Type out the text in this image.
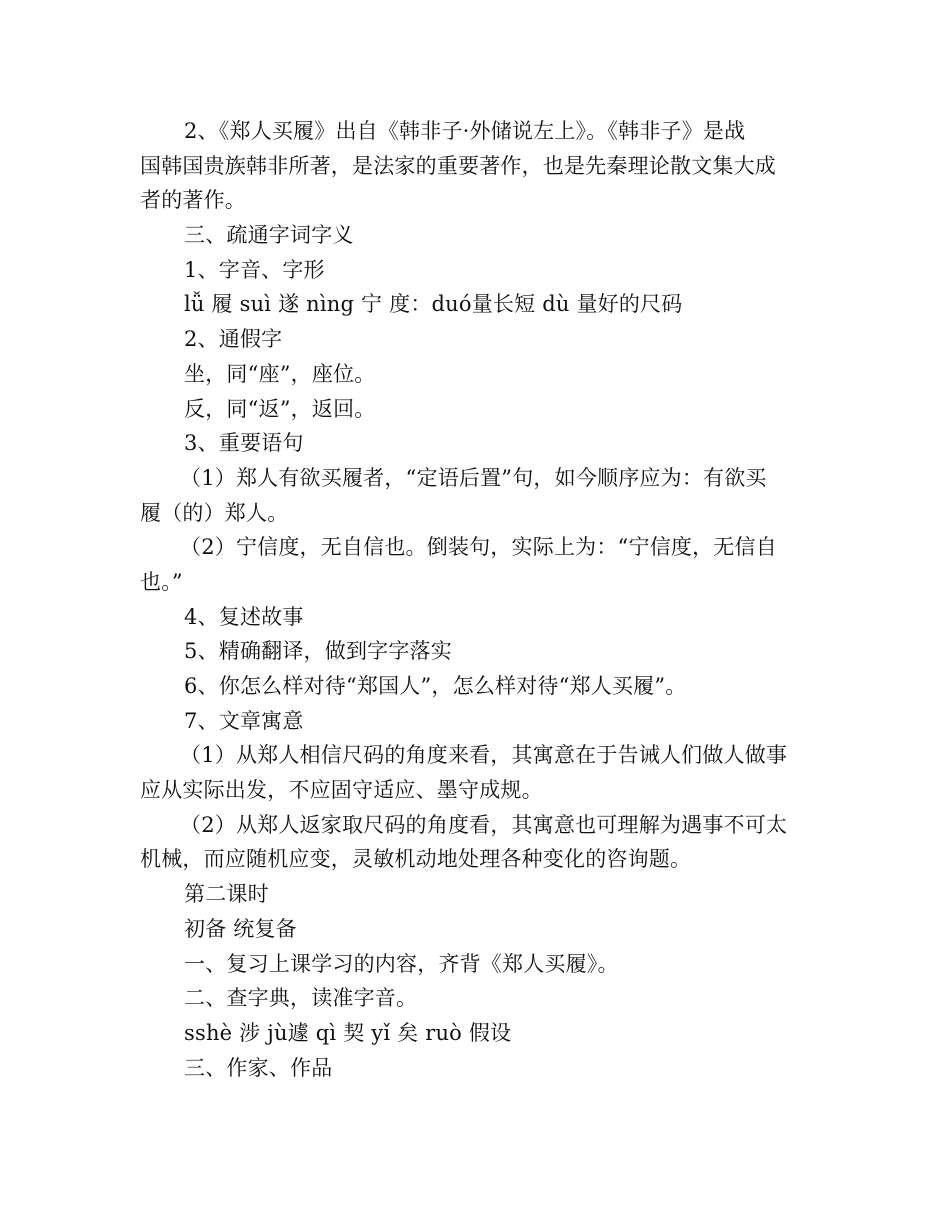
2、《郑人买履》出自《韩非子·外储说左上》。《韩非子》是战
国韩国贵族韩非所著，是法家的重要著作，也是先秦理论散文集大成
者的著作。
三、疏通字词字义
1、字音、字形
lǚ 履 suì 遂 nìng 宁 度：duó量长短 dù 量好的尺码
2、通假字
坐，同“座”，座位。
反，同“返”，返回。
3、重要语句
（1）郑人有欲买履者，“定语后置”句，如今顺序应为：有欲买
履（的）郑人。
（2）宁信度，无自信也。倒装句，实际上为：“宁信度，无信自
也。”
4、复述故事
5、精确翻译，做到字字落实
6、你怎么样对待“郑国人”，怎么样对待“郑人买履”。
7、文章寓意
（1）从郑人相信尺码的角度来看，其寓意在于告诫人们做人做事
应从实际出发，不应固守适应、墨守成规。
（2）从郑人返家取尺码的角度看，其寓意也可理解为遇事不可太
机械，而应随机应变，灵敏机动地处理各种变化的咨询题。
第二课时
初备 统复备
一、复习上课学习的内容，齐背《郑人买履》。
二、查字典，读准字音。
sshè 涉 jù遽 qì 契 yǐ 矣 ruò 假设
三、作家、作品
